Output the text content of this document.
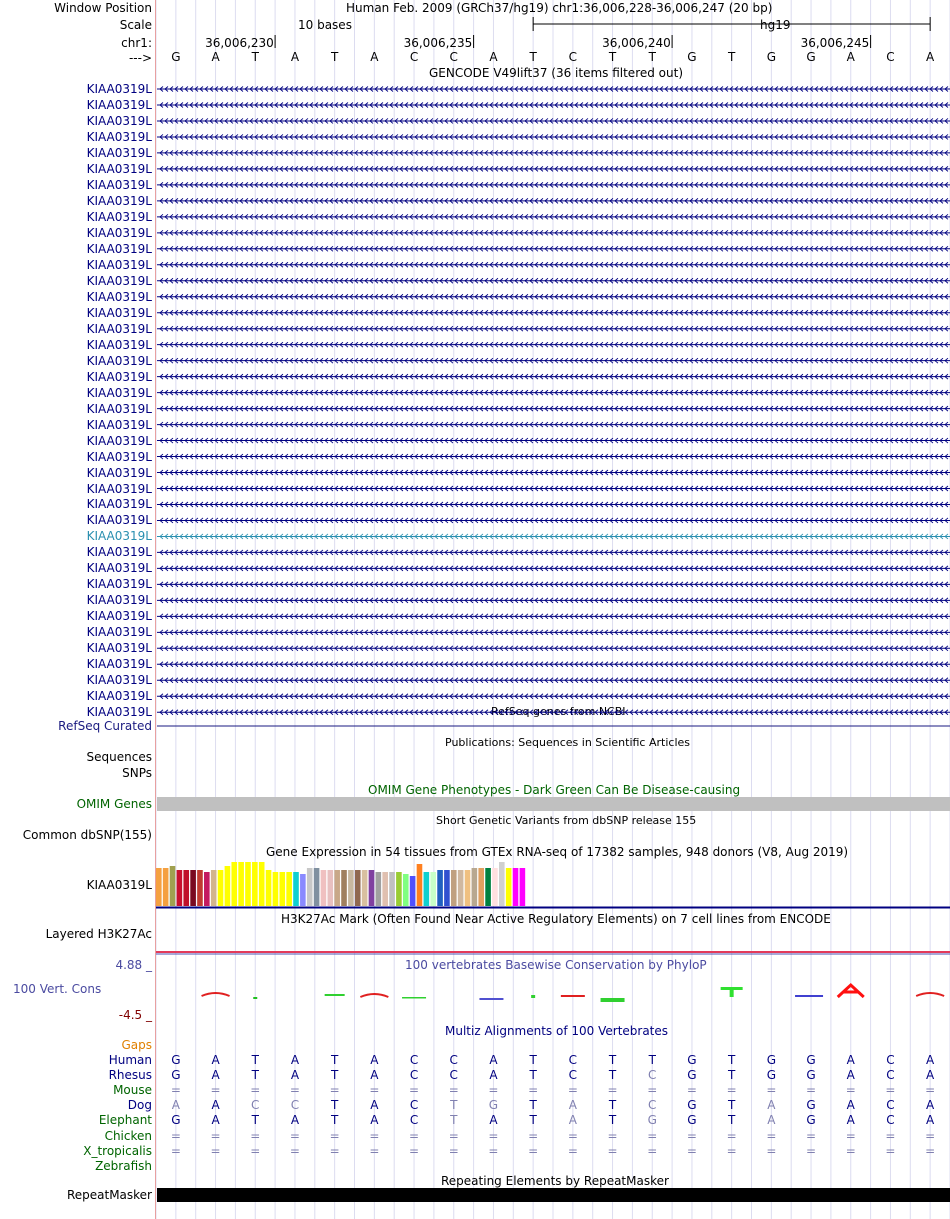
Window Position	Human Feb. 2009 (GRCh37/hg19) chr1:36,006,228-36,006,247 (20 bp)
Scale	10 bases	hg19
chr1:
--->
36,006,230	36,006,235	36,006,240	36,006,245
G	A	T	A	T	A	C	C	A	T	C	T	T	G	T	G	G	A	C	A
GENCODE V49lift37 (36 items filtered out)
KIAA0319L
KIAA0319L
KIAA0319L
KIAA0319L
KIAA0319L
KIAA0319L
KIAA0319L
KIAA0319L
KIAA0319L
KIAA0319L
KIAA0319L
KIAA0319L
KIAA0319L
KIAA0319L
KIAA0319L
KIAA0319L
KIAA0319L
KIAA0319L
KIAA0319L
KIAA0319L
KIAA0319L
KIAA0319L
KIAA0319L
KIAA0319L
KIAA0319L
KIAA0319L
KIAA0319L
KIAA0319L
KIAA0319L
KIAA0319L
KIAA0319L
KIAA0319L
KIAA0319L
KIAA0319L
KIAA0319L
KIAA0319L
KIAA0319L
KIAA0319L
KIAA0319L
KIAA0319L	RefSeq genes from NCBI
RefSeq Curated
Publications: Sequences in Scientific Articles
Sequences
SNPs
OMIM Gene Phenotypes - Dark Green Can Be Disease-causing
OMIM Genes
Short Genetic Variants from dbSNP release 155
Common dbSNP(155)
Gene Expression in 54 tissues from GTEx RNA-seq of 17382 samples, 948 donors (V8, Aug 2019)
KIAA0319L
H3K27Ac Mark (Often Found Near Active Regulatory Elements) on 7 cell lines from ENCODE
Layered H3K27Ac
100 vertebrates Basewise Conservation by PhyloP
4.88 _
100 Vert. Cons
-4.5 _
Multiz Alignments of 100 Vertebrates
Gaps
Human	G	A	T	A	T	A	C	C	A	T	C	T	T	G	T	G	G	A	C	A
Rhesus	G	A	T	A	T	A	C	C	A	T	C	T	C	G	T	G	G	A	C	A
Mouse	=	=	=	=	=	=	=	=	=	=	=	=	=	=	=	=	=	=	=	=
Dog	A	A	C	C	T	A	C	T	G	T	A	T	C	G	T	A	G	A	C	A
Elephant	G	A	T	A	T	A	C	T	A	T	A	T	G	G	T	A	G	A	C	A
Chicken	=	=	=	=	=	=	=	=	=	=	=	=	=	=	=	=	=	=	=	=
X_tropicalis	=	=	=	=	=	=	=	=	=	=	=	=	=	=	=	=	=	=	=	=
Zebrafish
Repeating Elements by RepeatMasker
RepeatMasker
